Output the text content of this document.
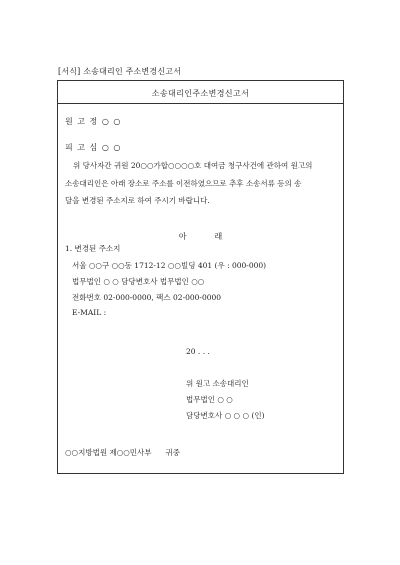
[서식] 소송대리인 주소변경신고서
소송대리인주소변경신고서
원 고 정 ○ ○
피 고 심 ○ ○
위 당사자간 귀원 20○○가합○○○○호 대여금 청구사건에 관하여 원고의
소송대리인은 아래 장소로 주소를 이전하였으므로 추후 소송서류 등의 송
달을 변경된 주소지로 하여 주시기 바랍니다.
아	래
1. 변경된 주소지
서울 ○○구 ○○동 1712-12 ○○빌딩 401 (우 : 000-000)
법무법인 ○ ○ 담당변호사 법무법인 ○○
전화번호 02-000-0000, 팩스 02-000-0000
E-MAIL :
20 . . .
위 원고 소송대리인
법무법인 ○ ○
담당변호사 ○ ○ ○ (인)
○○지방법원 제○○민사부 귀중
